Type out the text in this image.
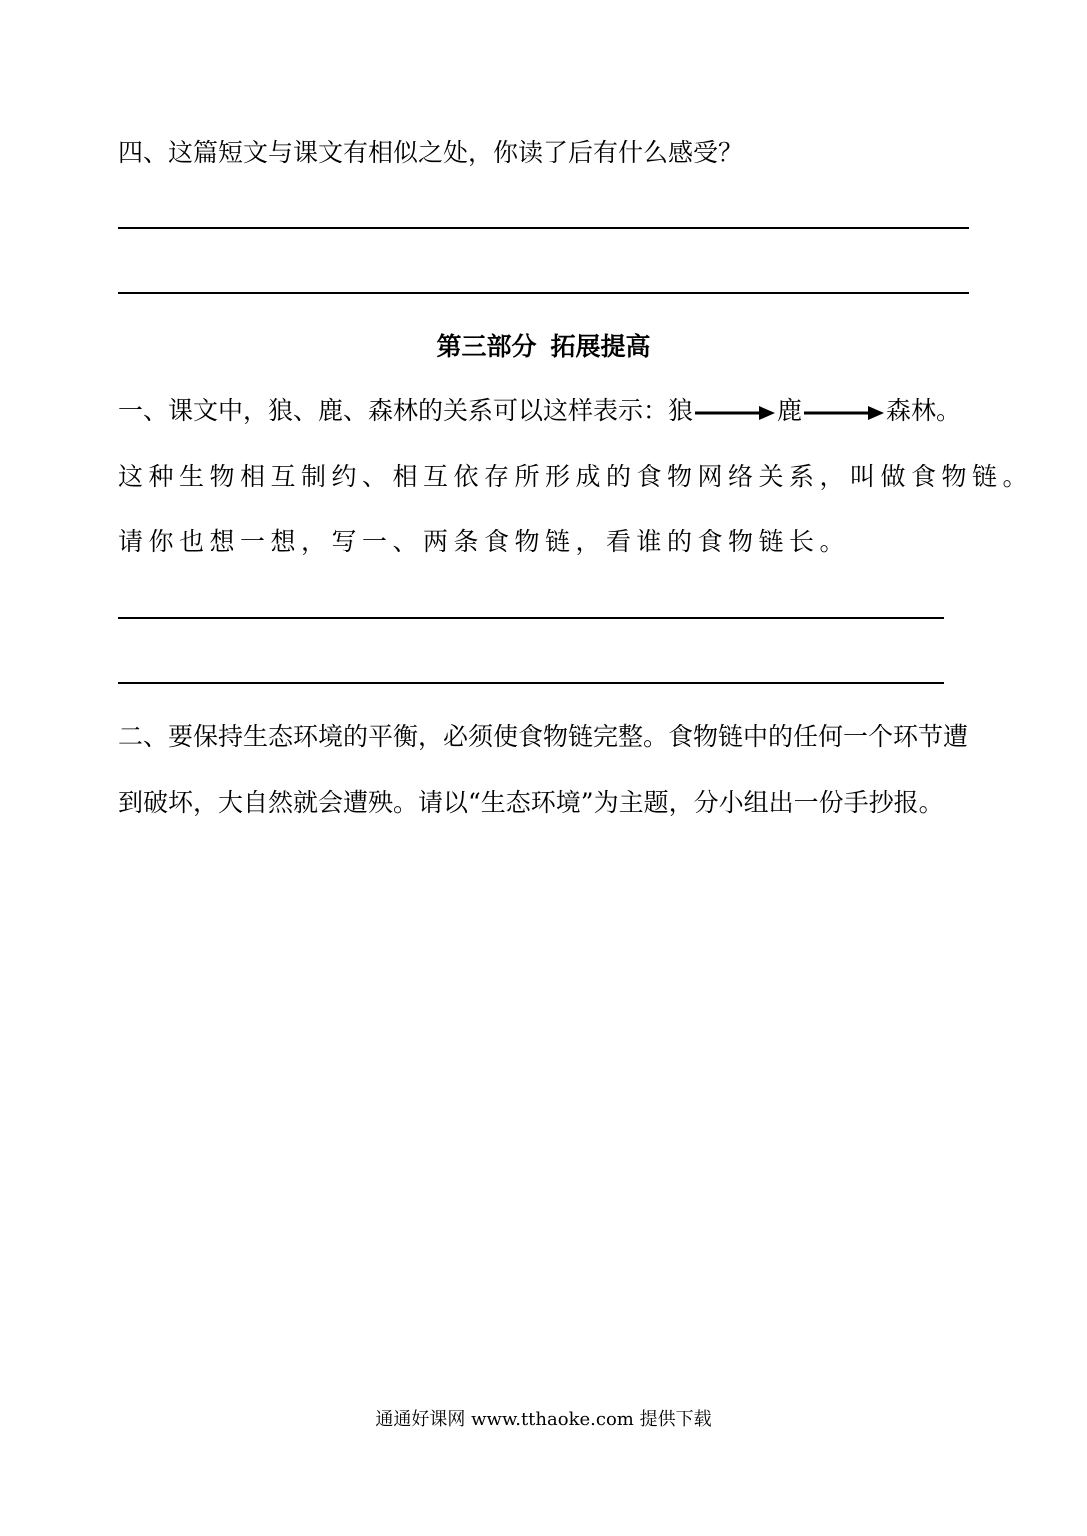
四、这篇短文与课文有相似之处，你读了后有什么感受？
第三部分 拓展提高
一、课文中，狼、鹿、森林的关系可以这样表示：狼	鹿	森林。
这种生物相互制约、相互依存所形成的食物网络关系，叫做食物链。
请你也想一想，写一、两条食物链，看谁的食物链长。
二、要保持生态环境的平衡，必须使食物链完整。食物链中的任何一个环节遭
到破坏，大自然就会遭殃。请以“生态环境”为主题，分小组出一份手抄报。
通通好课网 www.tthaoke.com 提供下载
